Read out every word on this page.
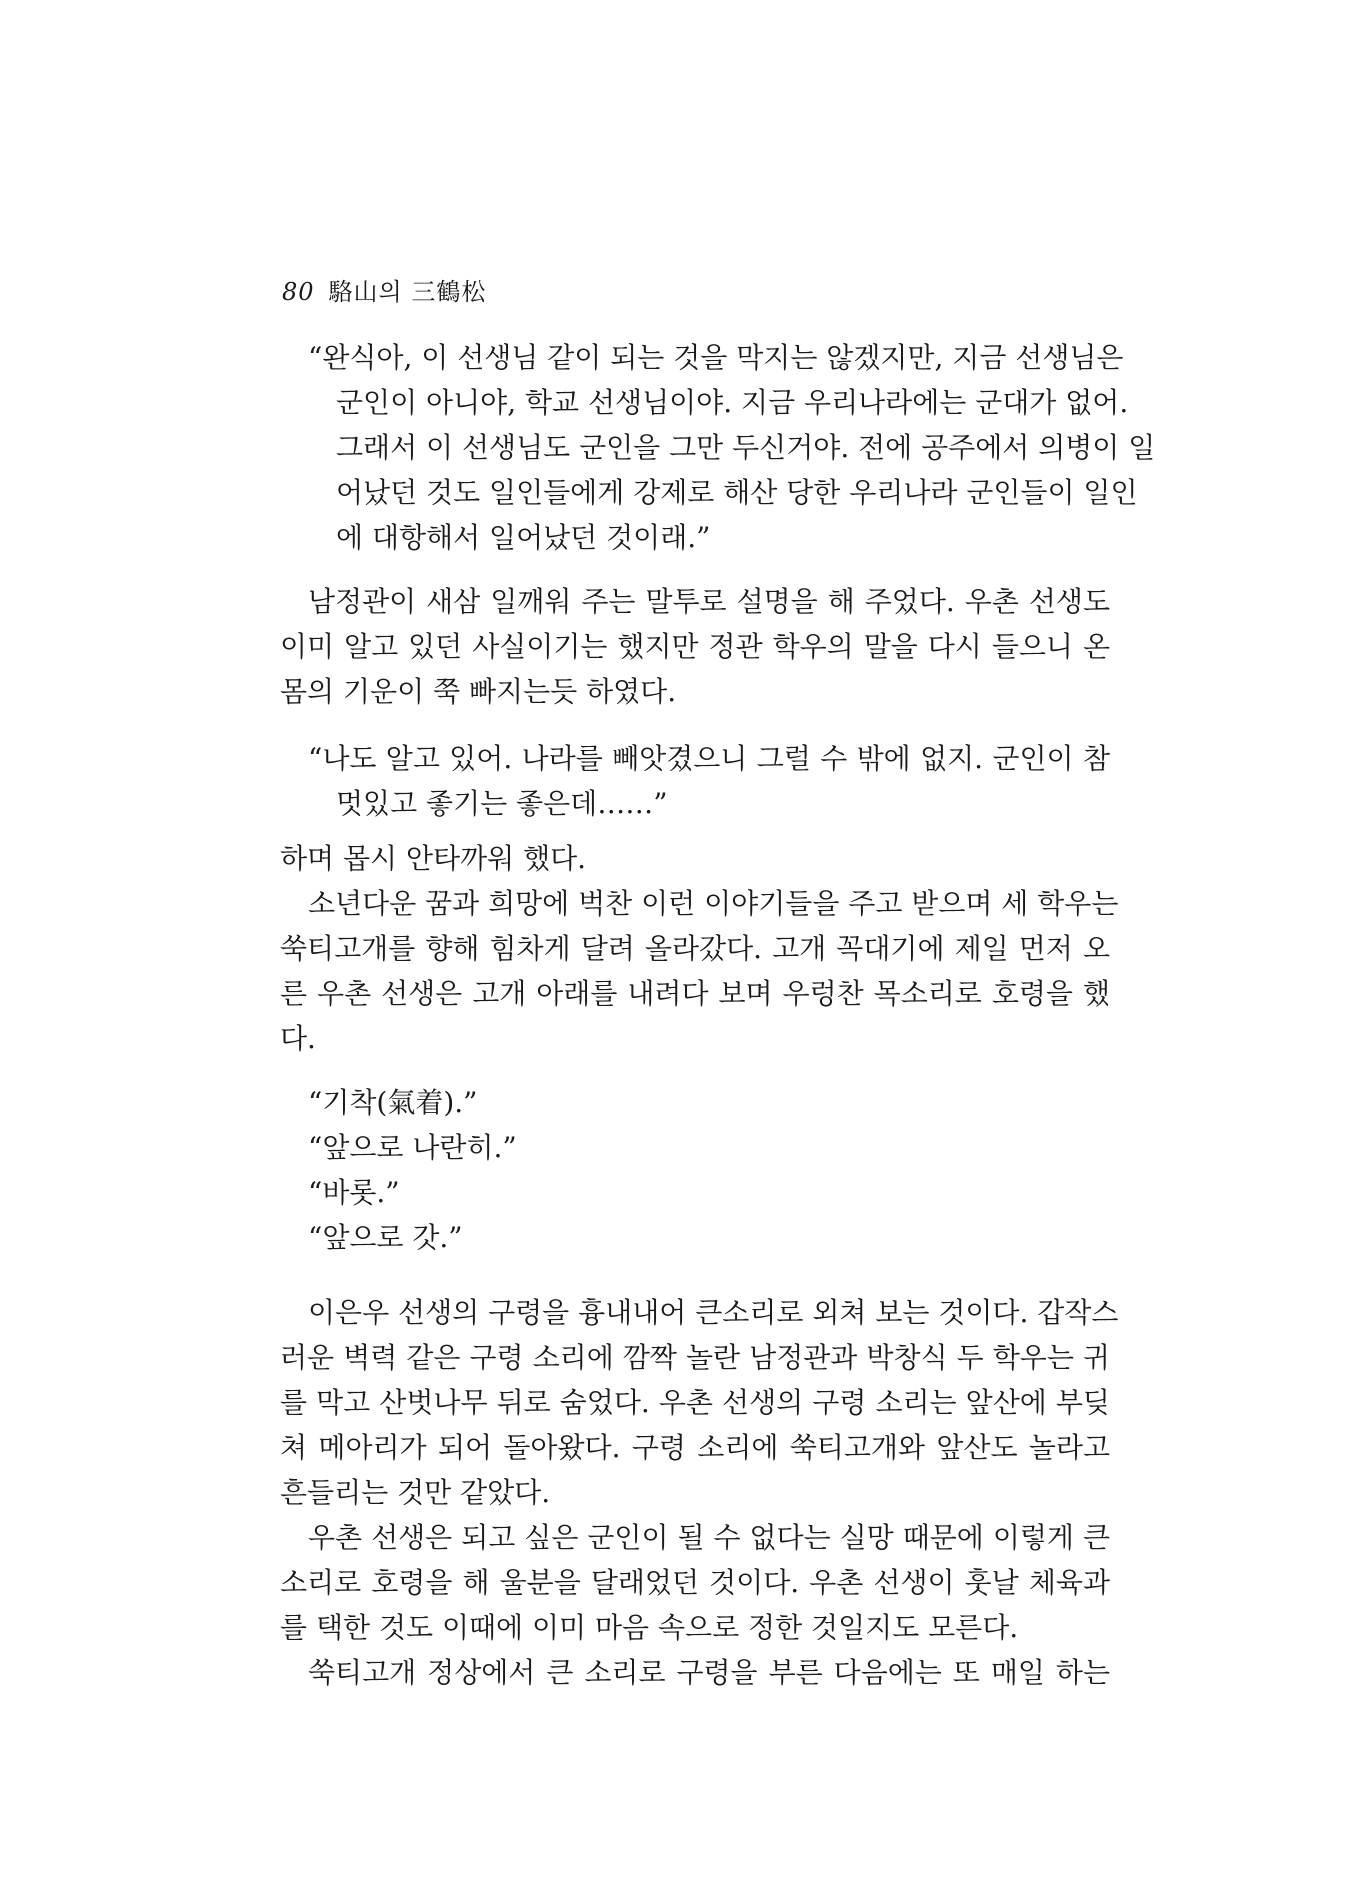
80 駱山의 三鶴松
“완식아, 이 선생님 같이 되는 것을 막지는 않겠지만, 지금 선생님은
군인이 아니야, 학교 선생님이야. 지금 우리나라에는 군대가 없어.
그래서 이 선생님도 군인을 그만 두신거야. 전에 공주에서 의병이 일
어났던 것도 일인들에게 강제로 해산 당한 우리나라 군인들이 일인
에 대항해서 일어났던 것이래.”
남정관이 새삼 일깨워 주는 말투로 설명을 해 주었다. 우촌 선생도
이미 알고 있던 사실이기는 했지만 정관 학우의 말을 다시 들으니 온
몸의 기운이 쭉 빠지는듯 하였다.
“나도 알고 있어. 나라를 빼앗겼으니 그럴 수 밖에 없지. 군인이 참
멋있고 좋기는 좋은데……”
하며 몹시 안타까워 했다.
소년다운 꿈과 희망에 벅찬 이런 이야기들을 주고 받으며 세 학우는
쑥티고개를 향해 힘차게 달려 올라갔다. 고개 꼭대기에 제일 먼저 오
른 우촌 선생은 고개 아래를 내려다 보며 우렁찬 목소리로 호령을 했
다.
“기착(氣着).”
“앞으로 나란히.”
“바롯.”
“앞으로 갓.”
이은우 선생의 구령을 흉내내어 큰소리로 외쳐 보는 것이다. 갑작스
러운 벽력 같은 구령 소리에 깜짝 놀란 남정관과 박창식 두 학우는 귀
를 막고 산벗나무 뒤로 숨었다. 우촌 선생의 구령 소리는 앞산에 부딪
쳐 메아리가 되어 돌아왔다. 구령 소리에 쑥티고개와 앞산도 놀라고
흔들리는 것만 같았다.
우촌 선생은 되고 싶은 군인이 될 수 없다는 실망 때문에 이렇게 큰
소리로 호령을 해 울분을 달래었던 것이다. 우촌 선생이 훗날 체육과
를 택한 것도 이때에 이미 마음 속으로 정한 것일지도 모른다.
쑥티고개 정상에서 큰 소리로 구령을 부른 다음에는 또 매일 하는
